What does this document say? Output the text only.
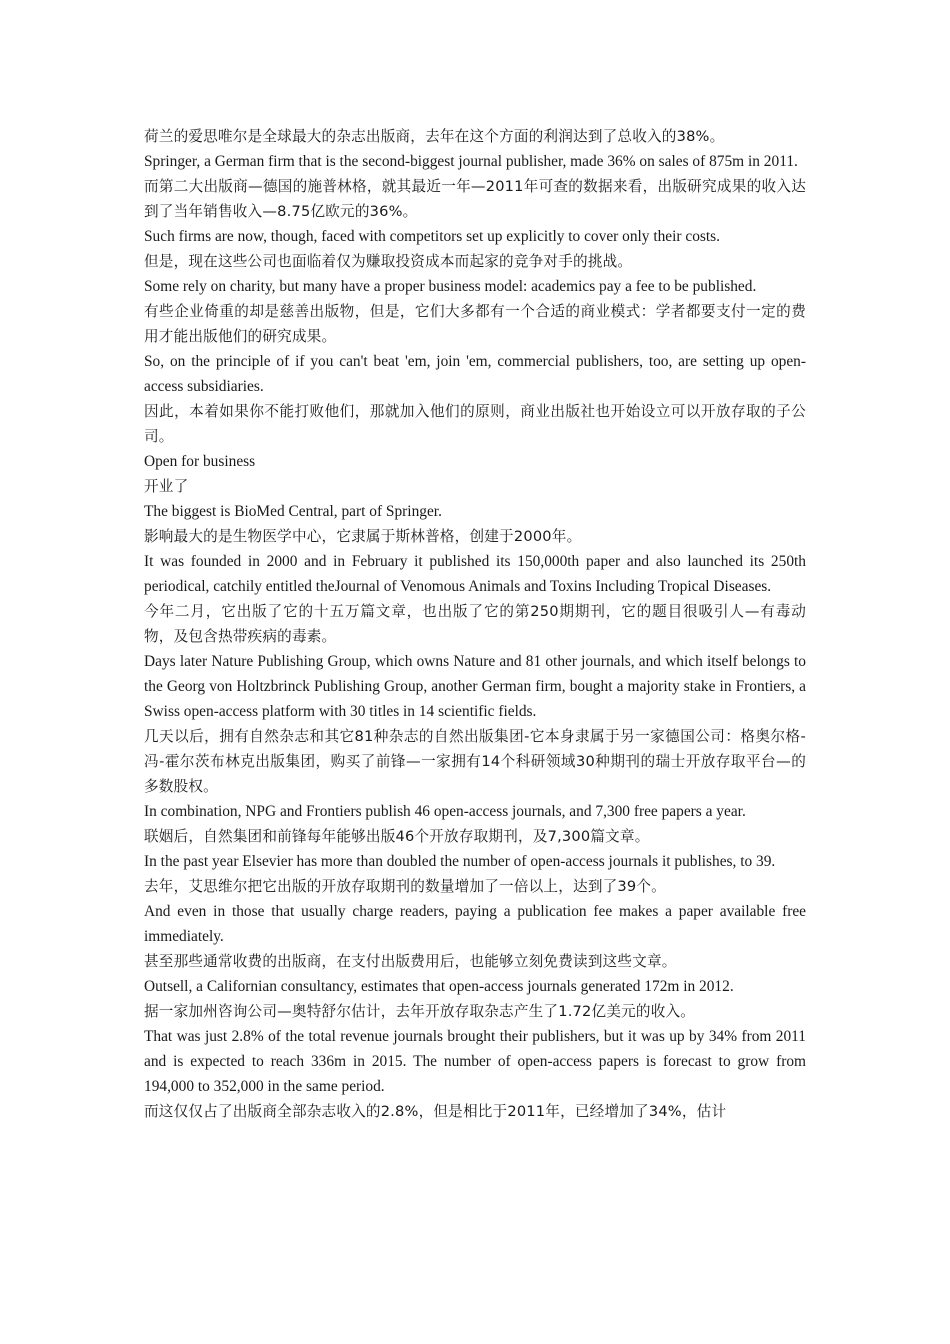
荷兰的爱思唯尔是全球最大的杂志出版商，去年在这个方面的利润达到了总收入的38%。

Springer, a German firm that is the second-biggest journal publisher, made 36% on sales of 875m in 2011.

而第二大出版商—德国的施普林格，就其最近一年—2011年可查的数据来看，出版研究成果的收入达到了当年销售收入—8.75亿欧元的36%。

Such firms are now, though, faced with competitors set up explicitly to cover only their costs.

但是，现在这些公司也面临着仅为赚取投资成本而起家的竞争对手的挑战。

Some rely on charity, but many have a proper business model: academics pay a fee to be published.

有些企业倚重的却是慈善出版物，但是，它们大多都有一个合适的商业模式：学者都要支付一定的费用才能出版他们的研究成果。

So, on the principle of if you can't beat 'em, join 'em, commercial publishers, too, are setting up open-access subsidiaries.

因此，本着如果你不能打败他们，那就加入他们的原则，商业出版社也开始设立可以开放存取的子公司。

Open for business

开业了

The biggest is BioMed Central, part of Springer.

影响最大的是生物医学中心，它隶属于斯林普格，创建于2000年。

It was founded in 2000 and in February it published its 150,000th paper and also launched its 250th periodical, catchily entitled theJournal of Venomous Animals and Toxins Including Tropical Diseases.

今年二月，它出版了它的十五万篇文章，也出版了它的第250期期刊，它的题目很吸引人—有毒动物，及包含热带疾病的毒素。

Days later Nature Publishing Group, which owns Nature and 81 other journals, and which itself belongs to the Georg von Holtzbrinck Publishing Group, another German firm, bought a majority stake in Frontiers, a Swiss open-access platform with 30 titles in 14 scientific fields.

几天以后，拥有自然杂志和其它81种杂志的自然出版集团-它本身隶属于另一家德国公司：格奥尔格-冯-霍尔茨布林克出版集团，购买了前锋—一家拥有14个科研领域30种期刊的瑞士开放存取平台—的多数股权。

In combination, NPG and Frontiers publish 46 open-access journals, and 7,300 free papers a year.

联姻后，自然集团和前锋每年能够出版46个开放存取期刊，及7,300篇文章。

In the past year Elsevier has more than doubled the number of open-access journals it publishes, to 39.

去年，艾思维尔把它出版的开放存取期刊的数量增加了一倍以上，达到了39个。

And even in those that usually charge readers, paying a publication fee makes a paper available free immediately.

甚至那些通常收费的出版商，在支付出版费用后，也能够立刻免费读到这些文章。

Outsell, a Californian consultancy, estimates that open-access journals generated 172m in 2012.

据一家加州咨询公司—奥特舒尔估计，去年开放存取杂志产生了1.72亿美元的收入。

That was just 2.8% of the total revenue journals brought their publishers, but it was up by 34% from 2011 and is expected to reach 336m in 2015. The number of open-access papers is forecast to grow from 194,000 to 352,000 in the same period.

而这仅仅占了出版商全部杂志收入的2.8%，但是相比于2011年，已经增加了34%，估计
